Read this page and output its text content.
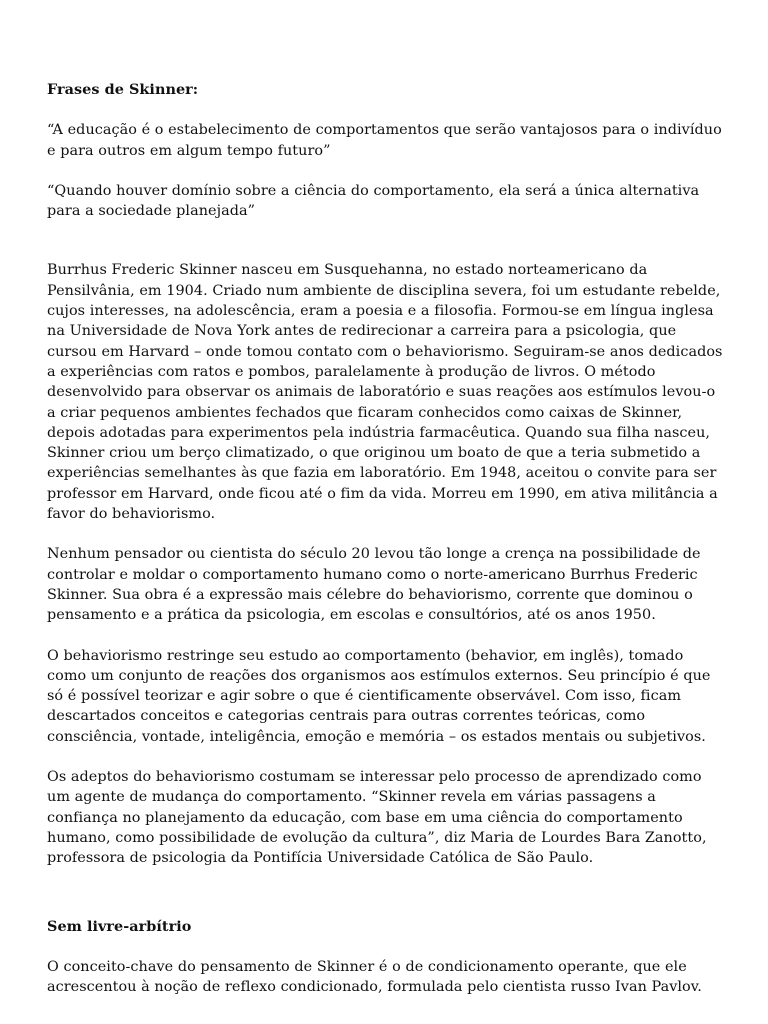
Frases de Skinner:

“A educação é o estabelecimento de comportamentos que serão vantajosos para o indivíduo e para outros em algum tempo futuro”

“Quando houver domínio sobre a ciência do comportamento, ela será a única alternativa para a sociedade planejada”

Burrhus Frederic Skinner nasceu em Susquehanna, no estado norteamericano da Pensilvânia, em 1904. Criado num ambiente de disciplina severa, foi um estudante rebelde, cujos interesses, na adolescência, eram a poesia e a filosofia. Formou-se em língua inglesa na Universidade de Nova York antes de redirecionar a carreira para a psicologia, que cursou em Harvard – onde tomou contato com o behaviorismo. Seguiram-se anos dedicados a experiências com ratos e pombos, paralelamente à produção de livros. O método desenvolvido para observar os animais de laboratório e suas reações aos estímulos levou-o a criar pequenos ambientes fechados que ficaram conhecidos como caixas de Skinner, depois adotadas para experimentos pela indústria farmacêutica. Quando sua filha nasceu, Skinner criou um berço climatizado, o que originou um boato de que a teria submetido a experiências semelhantes às que fazia em laboratório. Em 1948, aceitou o convite para ser professor em Harvard, onde ficou até o fim da vida. Morreu em 1990, em ativa militância a favor do behaviorismo.

Nenhum pensador ou cientista do século 20 levou tão longe a crença na possibilidade de controlar e moldar o comportamento humano como o norte-americano Burrhus Frederic Skinner. Sua obra é a expressão mais célebre do behaviorismo, corrente que dominou o pensamento e a prática da psicologia, em escolas e consultórios, até os anos 1950.

O behaviorismo restringe seu estudo ao comportamento (behavior, em inglês), tomado como um conjunto de reações dos organismos aos estímulos externos. Seu princípio é que só é possível teorizar e agir sobre o que é cientificamente observável. Com isso, ficam descartados conceitos e categorias centrais para outras correntes teóricas, como consciência, vontade, inteligência, emoção e memória – os estados mentais ou subjetivos.

Os adeptos do behaviorismo costumam se interessar pelo processo de aprendizado como um agente de mudança do comportamento. “Skinner revela em várias passagens a confiança no planejamento da educação, com base em uma ciência do comportamento humano, como possibilidade de evolução da cultura”, diz Maria de Lourdes Bara Zanotto, professora de psicologia da Pontifícia Universidade Católica de São Paulo.

Sem livre-arbítrio

O conceito-chave do pensamento de Skinner é o de condicionamento operante, que ele acrescentou à noção de reflexo condicionado, formulada pelo cientista russo Ivan Pavlov.
